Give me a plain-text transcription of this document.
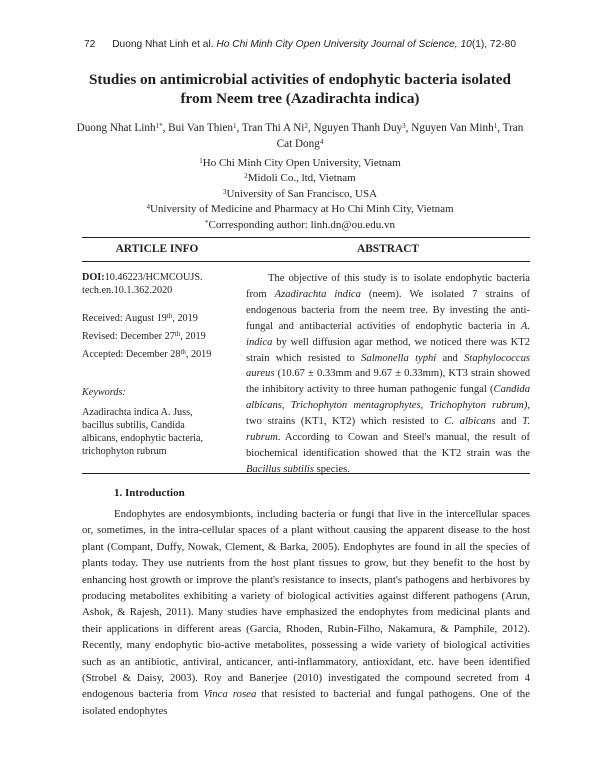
72 Duong Nhat Linh et al. Ho Chi Minh City Open University Journal of Science, 10(1), 72-80
Studies on antimicrobial activities of endophytic bacteria isolated
from Neem tree (Azadirachta indica)
Duong Nhat Linh$^{1*}$, Bui Van Thien$^1$, Tran Thi A Ni$^2$, Nguyen Thanh Duy$^3$, Nguyen Van Minh$^1$, Tran Cat Dong$^4$
$^1$Ho Chi Minh City Open University, Vietnam
$^2$Midoli Co., ltd, Vietnam
$^3$University of San Francisco, USA
$^4$University of Medicine and Pharmacy at Ho Chi Minh City, Vietnam
*Corresponding author: linh.dn@ou.edu.vn
ARTICLE INFO	ABSTRACT
DOI:10.46223/HCMCOUJS. tech.en.10.1.362.2020
Received: August 19th, 2019
Revised: December 27th, 2019
Accepted: December 28th, 2019
Keywords:
Azadirachta indica A. Juss, bacillus subtilis, Candida albicans, endophytic bacteria, trichophyton rubrum
The objective of this study is to isolate endophytic bacteria from Azadirachta indica (neem). We isolated 7 strains of endogenous bacteria from the neem tree. By investing the anti-fungal and antibacterial activities of endophytic bacteria in A. indica by well diffusion agar method, we noticed there was KT2 strain which resisted to Salmonella typhi and Staphylococcus aureus (10.67 ± 0.33mm and 9.67 ± 0.33mm), KT3 strain showed the inhibitory activity to three human pathogenic fungal (Candida albicans, Trichophyton mentagrophytes, Trichophyton rubrum), two strains (KT1, KT2) which resisted to C. albicans and T. rubrum. According to Cowan and Steel's manual, the result of biochemical identification showed that the KT2 strain was the Bacillus subtilis species.
1. Introduction
Endophytes are endosymbionts, including bacteria or fungi that live in the intercellular spaces or, sometimes, in the intra-cellular spaces of a plant without causing the apparent disease to the host plant (Compant, Duffy, Nowak, Clement, & Barka, 2005). Endophytes are found in all the species of plants today. They use nutrients from the host plant tissues to grow, but they benefit to the host by enhancing host growth or improve the plant's resistance to insects, plant's pathogens and herbivores by producing metabolites exhibiting a variety of biological activities against different pathogens (Arun, Ashok, & Rajesh, 2011). Many studies have emphasized the endophytes from medicinal plants and their applications in different areas (Garcia, Rhoden, Rubin-Filho, Nakamura, & Pamphile, 2012). Recently, many endophytic bio-active metabolites, possessing a wide variety of biological activities such as an antibiotic, antiviral, anticancer, anti-inflammatory, antioxidant, etc. have been identified (Strobel & Daisy, 2003). Roy and Banerjee (2010) investigated the compound secreted from 4 endogenous bacteria from Vinca rosea that resisted to bacterial and fungal pathogens. One of the isolated endophytes
